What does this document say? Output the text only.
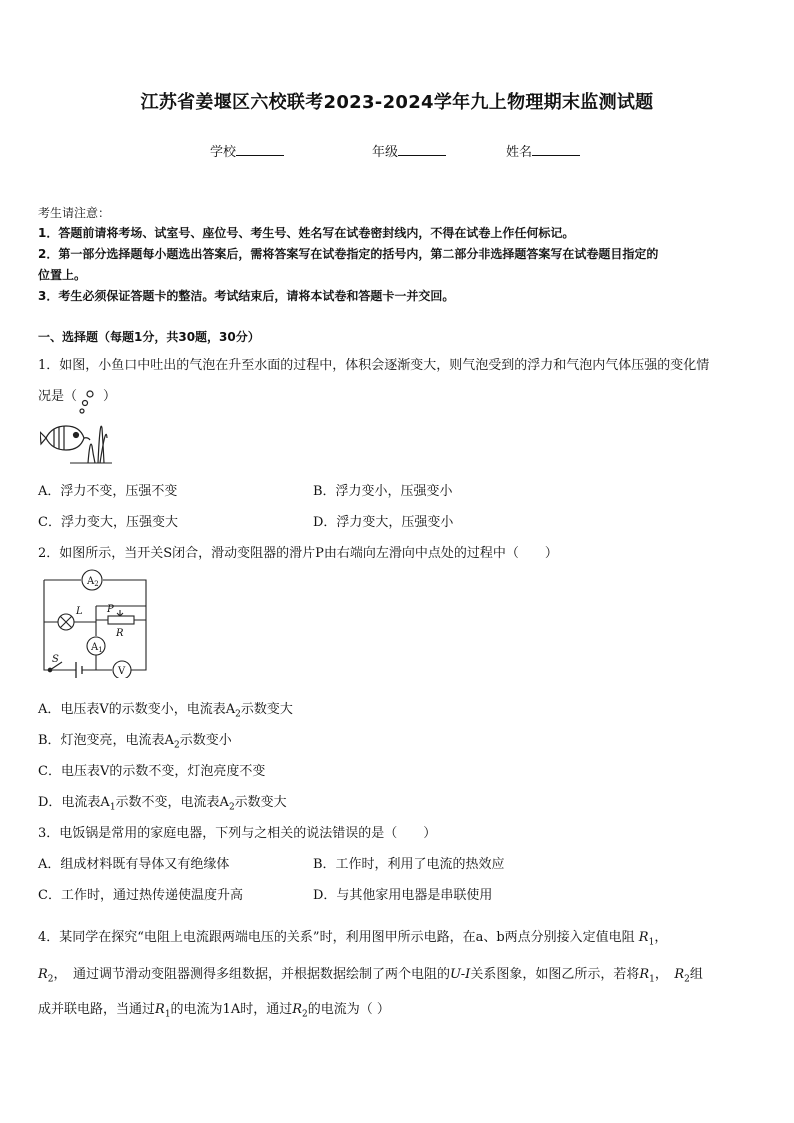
江苏省姜堰区六校联考2023-2024学年九上物理期末监测试题
学校	年级	姓名
考生请注意：
1．答题前请将考场、试室号、座位号、考生号、姓名写在试卷密封线内，不得在试卷上作任何标记。
2．第一部分选择题每小题选出答案后，需将答案写在试卷指定的括号内，第二部分非选择题答案写在试卷题目指定的
位置上。
3．考生必须保证答题卡的整洁。考试结束后，请将本试卷和答题卡一并交回。
一、选择题（每题1分，共30题，30分）
1．如图，小鱼口中吐出的气泡在升至水面的过程中，体积会逐渐变大，则气泡受到的浮力和气泡内气体压强的变化情
况是（　　）
A．浮力不变，压强不变	B．浮力变小，压强变小
C．浮力变大，压强变大	D．浮力变大，压强变小
2．如图所示，当开关S闭合，滑动变阻器的滑片P由右端向左滑向中点处的过程中（　　）
$A_2$
L P
R
$A_1$
S
V
A．电压表V的示数变小，电流表$A_2$示数变大
B．灯泡变亮，电流表$A_2$示数变小
C．电压表V的示数不变，灯泡亮度不变
D．电流表$A_1$示数不变，电流表$A_2$示数变大
3．电饭锅是常用的家庭电器，下列与之相关的说法错误的是（　　）
A．组成材料既有导体又有绝缘体	B．工作时，利用了电流的热效应
C．工作时，通过热传递使温度升高	D．与其他家用电器是串联使用
4．某同学在探究“电阻上电流跟两端电压的关系”时，利用图甲所示电路，在a、b两点分别接入定值电阻 $R_1$，
$R_2$，　通过调节滑动变阻器测得多组数据，并根据数据绘制了两个电阻的U-I关系图象，如图乙所示，若将$R_1$，　$R_2$组
成并联电路，当通过$R_1$的电流为1A时，通过$R_2$的电流为（ ）
